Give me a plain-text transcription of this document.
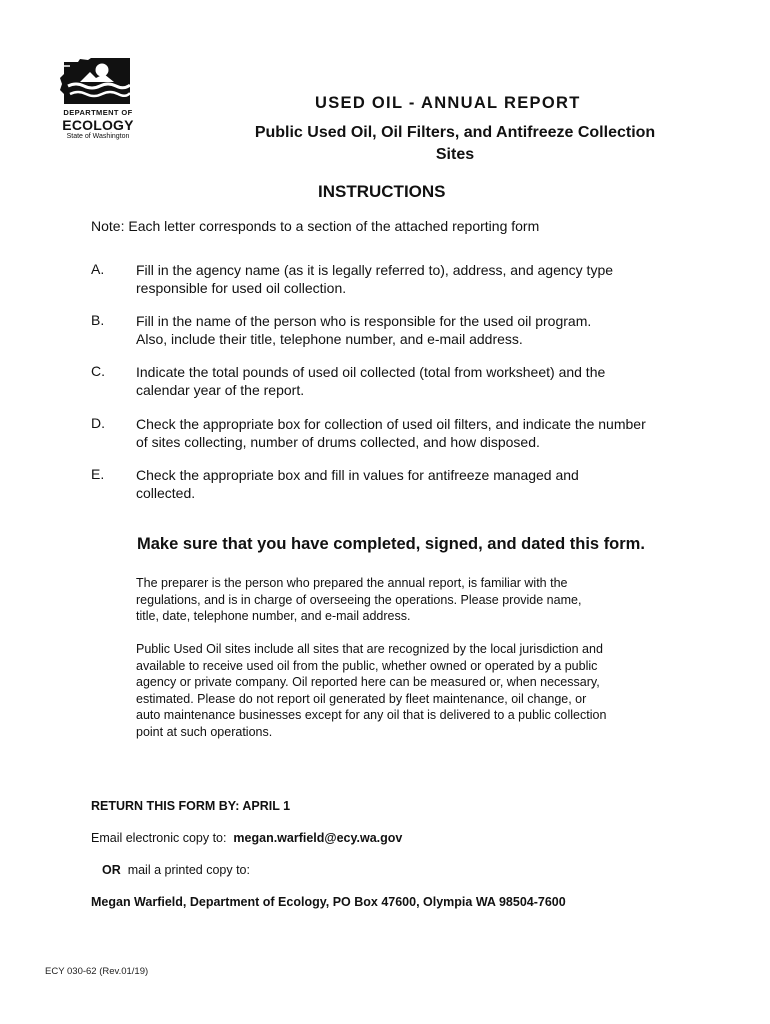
DEPARTMENT OF
ECOLOGY
State of Washington
USED OIL - ANNUAL REPORT
Public Used Oil, Oil Filters, and Antifreeze Collection
Sites
INSTRUCTIONS
Note: Each letter corresponds to a section of the attached reporting form
A. Fill in the agency name (as it is legally referred to), address, and agency type
responsible for used oil collection.
B. Fill in the name of the person who is responsible for the used oil program.
Also, include their title, telephone number, and e-mail address.
C. Indicate the total pounds of used oil collected (total from worksheet) and the
calendar year of the report.
D. Check the appropriate box for collection of used oil filters, and indicate the number
of sites collecting, number of drums collected, and how disposed.
E. Check the appropriate box and fill in values for antifreeze managed and
collected.
Make sure that you have completed, signed, and dated this form.
The preparer is the person who prepared the annual report, is familiar with the
regulations, and is in charge of overseeing the operations. Please provide name,
title, date, telephone number, and e-mail address.
Public Used Oil sites include all sites that are recognized by the local jurisdiction and
available to receive used oil from the public, whether owned or operated by a public
agency or private company. Oil reported here can be measured or, when necessary,
estimated. Please do not report oil generated by fleet maintenance, oil change, or
auto maintenance businesses except for any oil that is delivered to a public collection
point at such operations.
RETURN THIS FORM BY: APRIL 1
Email electronic copy to:  megan.warfield@ecy.wa.gov
OR  mail a printed copy to:
Megan Warfield, Department of Ecology, PO Box 47600, Olympia WA 98504-7600
ECY 030-62 (Rev.01/19)
